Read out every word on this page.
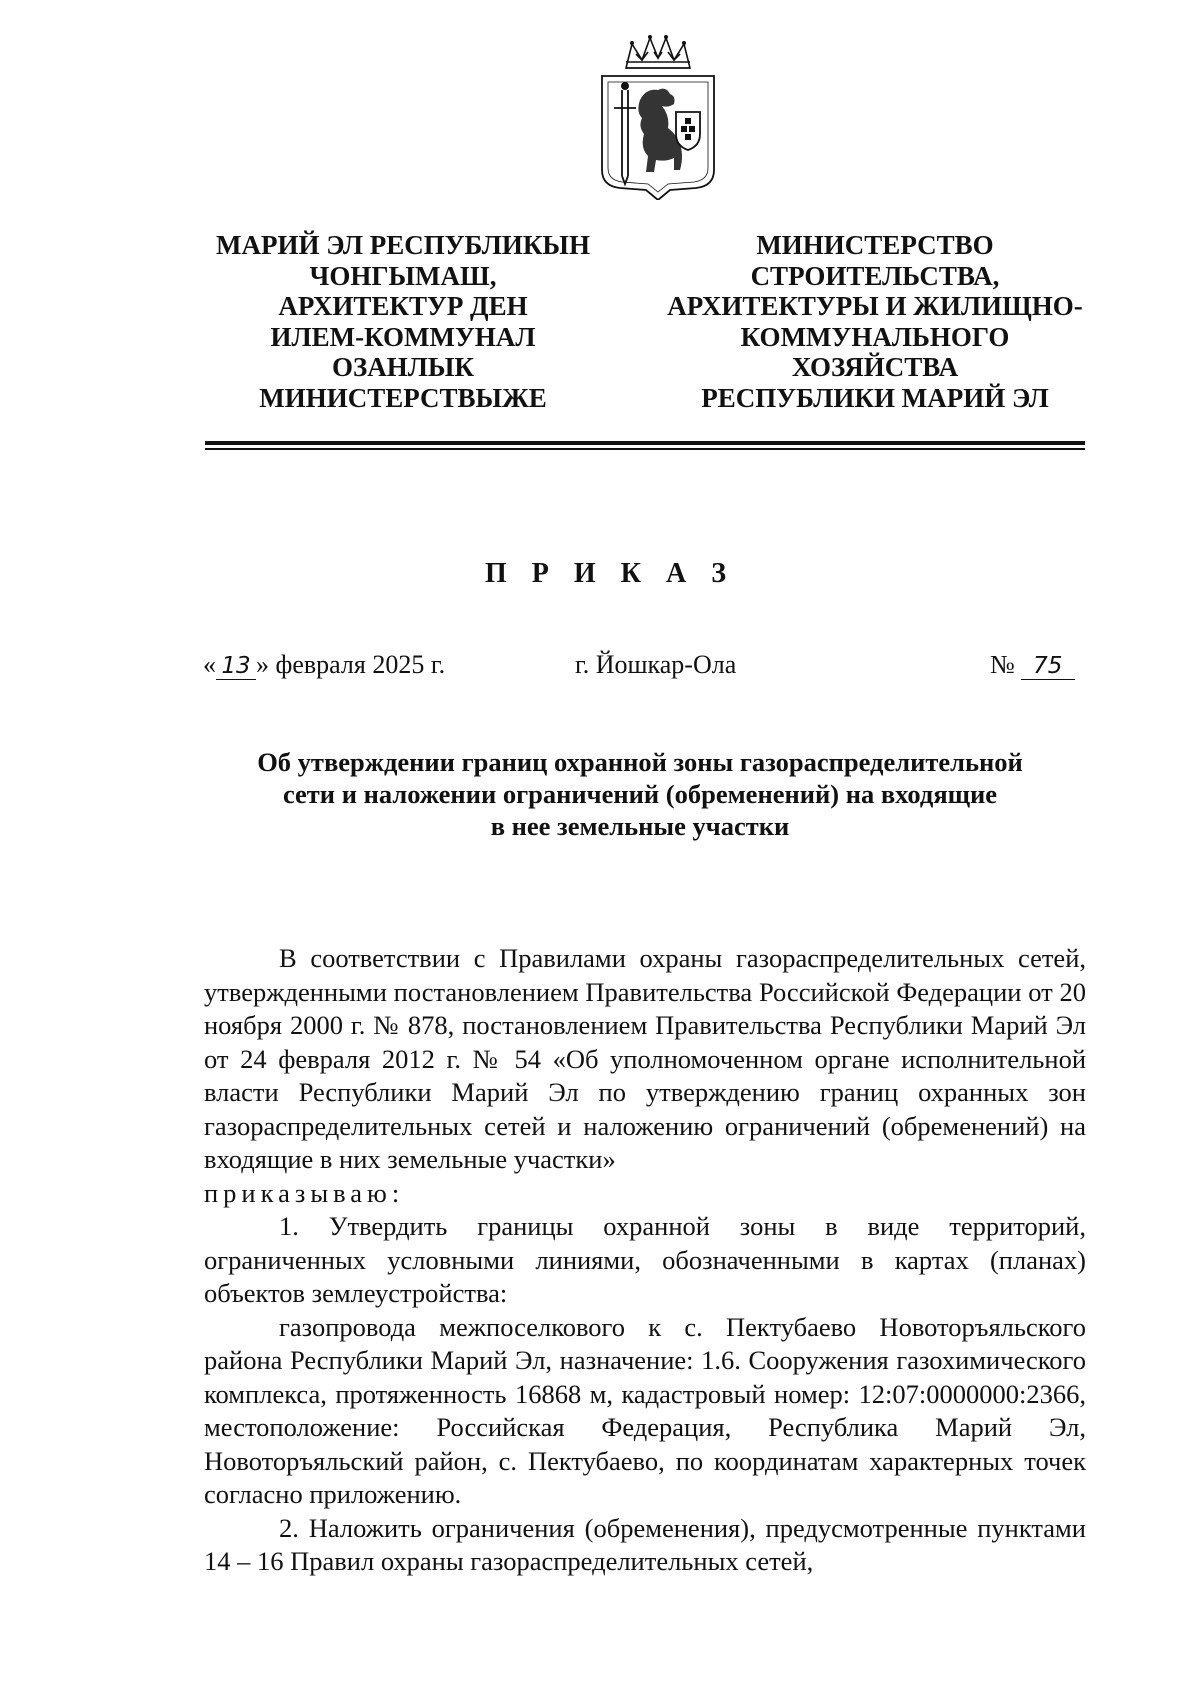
МАРИЙ ЭЛ РЕСПУБЛИКЫН
ЧОНГЫМАШ,
АРХИТЕКТУР ДЕН
ИЛЕМ-КОММУНАЛ
ОЗАНЛЫК
МИНИСТЕРСТВЫЖЕ
МИНИСТЕРСТВО
СТРОИТЕЛЬСТВА,
АРХИТЕКТУРЫ И ЖИЛИЩНО-
КОММУНАЛЬНОГО
ХОЗЯЙСТВА
РЕСПУБЛИКИ МАРИЙ ЭЛ
П Р И К А З
« 13 » февраля 2025 г.	г. Йошкар-Ола	№ 75
Об утверждении границ охранной зоны газораспределительной
сети и наложении ограничений (обременений) на входящие
в нее земельные участки

В соответствии с Правилами охраны газораспределительных сетей, утвержденными постановлением Правительства Российской Федерации от 20 ноября 2000 г. № 878, постановлением Правительства Республики Марий Эл от 24 февраля 2012 г. № 54 «Об уполномоченном органе исполнительной власти Республики Марий Эл по утверждению границ охранных зон газораспределительных сетей и наложению ограничений (обременений) на входящие в них земельные участки»

приказываю:

1. Утвердить границы охранной зоны в виде территорий, ограниченных условными линиями, обозначенными в картах (планах) объектов землеустройства:

газопровода межпоселкового к с. Пектубаево Новоторъяльского района Республики Марий Эл, назначение: 1.6. Сооружения газохимического комплекса, протяженность 16868 м, кадастровый номер: 12:07:0000000:2366, местоположение: Российская Федерация, Республика Марий Эл, Новоторъяльский район, с. Пектубаево, по координатам характерных точек согласно приложению.

2. Наложить ограничения (обременения), предусмотренные пунктами 14 – 16 Правил охраны газораспределительных сетей,
